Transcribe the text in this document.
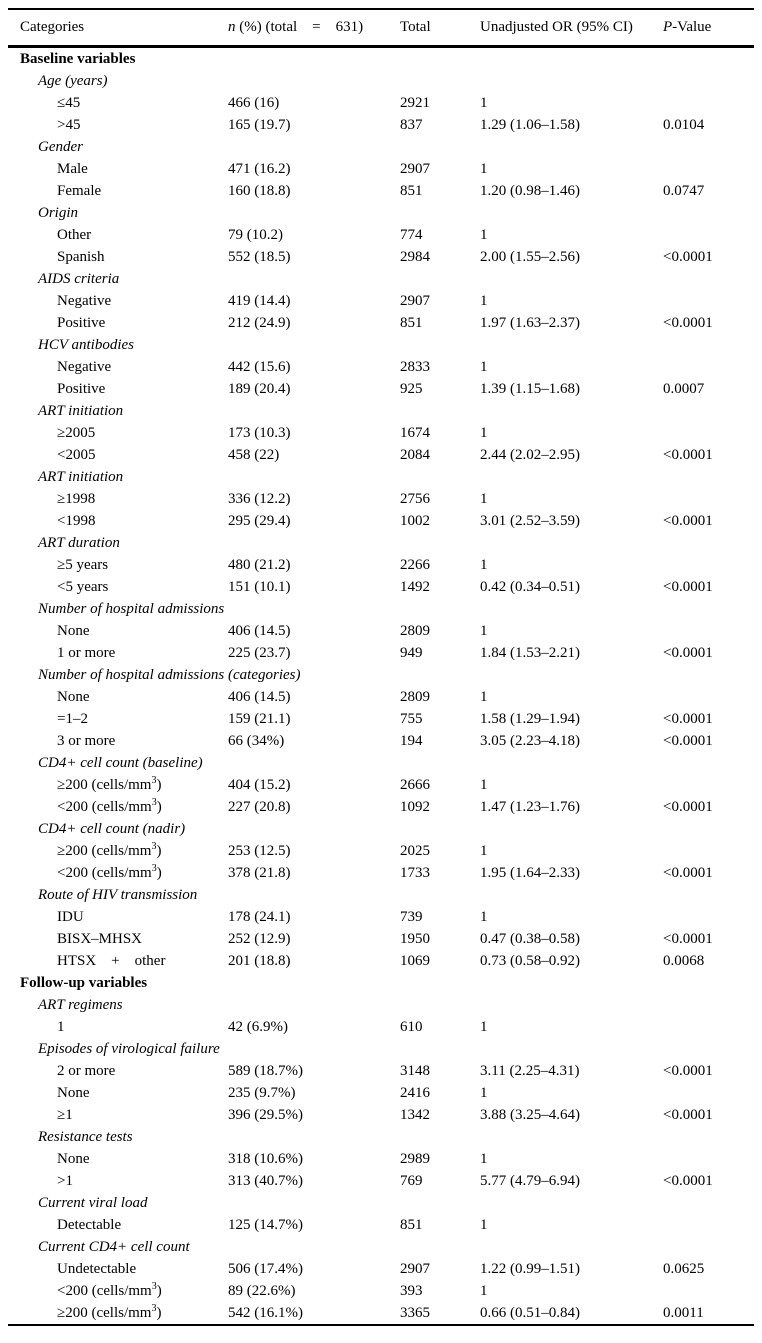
Categories	n (%) (total = 631)	Total	Unadjusted OR (95% CI)	P-Value
Baseline variables				
Age (years)				
≤45	466 (16)	2921	1	
>45	165 (19.7)	837	1.29 (1.06–1.58)	0.0104
Gender				
Male	471 (16.2)	2907	1	
Female	160 (18.8)	851	1.20 (0.98–1.46)	0.0747
Origin				
Other	79 (10.2)	774	1	
Spanish	552 (18.5)	2984	2.00 (1.55–2.56)	<0.0001
AIDS criteria				
Negative	419 (14.4)	2907	1	
Positive	212 (24.9)	851	1.97 (1.63–2.37)	<0.0001
HCV antibodies				
Negative	442 (15.6)	2833	1	
Positive	189 (20.4)	925	1.39 (1.15–1.68)	0.0007
ART initiation				
≥2005	173 (10.3)	1674	1	
<2005	458 (22)	2084	2.44 (2.02–2.95)	<0.0001
ART initiation				
≥1998	336 (12.2)	2756	1	
<1998	295 (29.4)	1002	3.01 (2.52–3.59)	<0.0001
ART duration				
≥5 years	480 (21.2)	2266	1	
<5 years	151 (10.1)	1492	0.42 (0.34–0.51)	<0.0001
Number of hospital admissions				
None	406 (14.5)	2809	1	
1 or more	225 (23.7)	949	1.84 (1.53–2.21)	<0.0001
Number of hospital admissions (categories)				
None	406 (14.5)	2809	1	
=1–2	159 (21.1)	755	1.58 (1.29–1.94)	<0.0001
3 or more	66 (34%)	194	3.05 (2.23–4.18)	<0.0001
CD4+ cell count (baseline)				
≥200 $(cells/mm^3)$	404 (15.2)	2666	1	
<200 $(cells/mm^3)$	227 (20.8)	1092	1.47 (1.23–1.76)	<0.0001
CD4+ cell count (nadir)				
≥200 $(cells/mm^3)$	253 (12.5)	2025	1	
<200 $(cells/mm^3)$	378 (21.8)	1733	1.95 (1.64–2.33)	<0.0001
Route of HIV transmission				
IDU	178 (24.1)	739	1	
BISX–MHSX	252 (12.9)	1950	0.47 (0.38–0.58)	<0.0001
HTSX + other	201 (18.8)	1069	0.73 (0.58–0.92)	0.0068
Follow-up variables				
ART regimens				
1	42 (6.9%)	610	1	
Episodes of virological failure				
2 or more	589 (18.7%)	3148	3.11 (2.25–4.31)	<0.0001
None	235 (9.7%)	2416	1	
≥1	396 (29.5%)	1342	3.88 (3.25–4.64)	<0.0001
Resistance tests				
None	318 (10.6%)	2989	1	
>1	313 (40.7%)	769	5.77 (4.79–6.94)	<0.0001
Current viral load				
Detectable	125 (14.7%)	851	1	
Current CD4+ cell count				
Undetectable	506 (17.4%)	2907	1.22 (0.99–1.51)	0.0625
<200 $(cells/mm^3)$	89 (22.6%)	393	1	
≥200 $(cells/mm^3)$	542 (16.1%)	3365	0.66 (0.51–0.84)	0.0011
